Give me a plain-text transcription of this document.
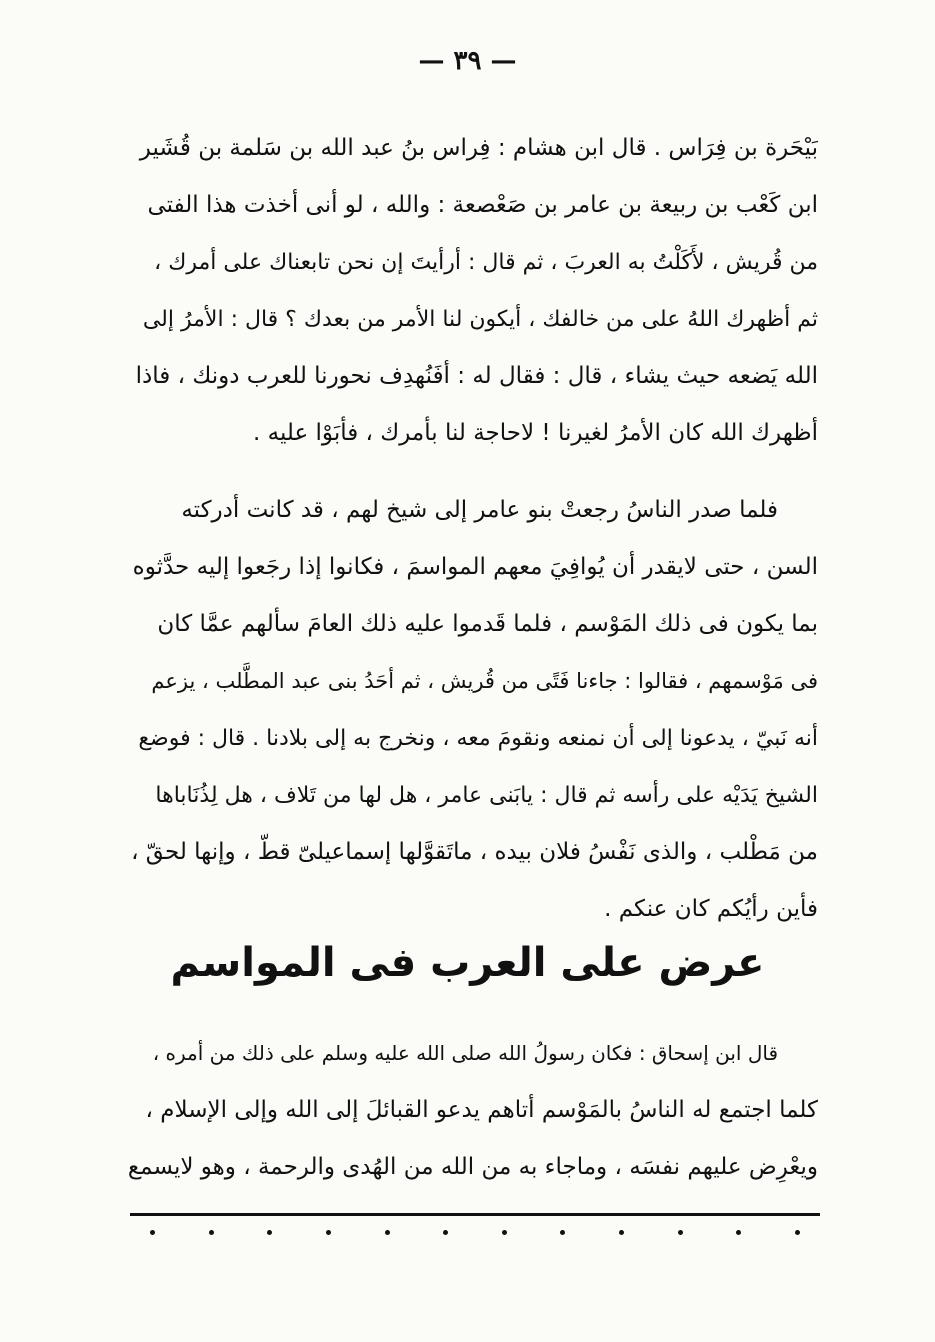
— ٣٩ —
بَيْحَرة بن فِرَاس . قال ابن هشام : فِراس بنُ عبد الله بن سَلمة بن قُشَير
ابن كَعْب بن ربيعة بن عامر بن صَعْصعة : والله ، لو أنى أخذت هذا الفتى
من قُريش ، لأَكَلْتُ به العربَ ، ثم قال : أرأيتَ إن نحن تابعناك على أمرك ،
ثم أظهرك اللهُ على من خالفك ، أيكون لنا الأمر من بعدك ؟ قال : الأمرُ إلى
الله يَضعه حيث يشاء ، قال : فقال له : أفَنُهدِف نحورنا للعرب دونك ، فاذا
أظهرك الله كان الأمرُ لغيرنا ! لاحاجة لنا بأمرك ، فأبَوْا عليه .
فلما صدر الناسُ رجعتْ بنو عامر إلى شيخ لهم ، قد كانت أدركته
السن ، حتى لايقدر أن يُوافِيَ معهم المواسمَ ، فكانوا إذا رجَعوا إليه حدَّثوه
بما يكون فى ذلك المَوْسم ، فلما قَدموا عليه ذلك العامَ سألهم عمَّا كان
فى مَوْسمهم ، فقالوا : جاءنا فَتًى من قُريش ، ثم أحَدُ بنى عبد المطَّلب ، يزعم
أنه نَبيّ ، يدعونا إلى أن نمنعه ونقومَ معه ، ونخرج به إلى بلادنا . قال : فوضع
الشيخ يَدَيْه على رأسه ثم قال : يابَنى عامر ، هل لها من تَلاف ، هل لِذُنَاباها
من مَطْلب ، والذى نَفْسُ فلان بيده ، ماتَقوَّلها إسماعيلىّ قطّ ، وإنها لحقّ ،
فأين رأيُكم كان عنكم .
عرض على العرب فى المواسم
قال ابن إسحاق : فكان رسولُ الله صلى الله عليه وسلم على ذلك من أمره ،
كلما اجتمع له الناسُ بالمَوْسم أتاهم يدعو القبائلَ إلى الله وإلى الإسلام ،
ويعْرِض عليهم نفسَه ، وماجاء به من الله من الهُدى والرحمة ، وهو لايسمع
